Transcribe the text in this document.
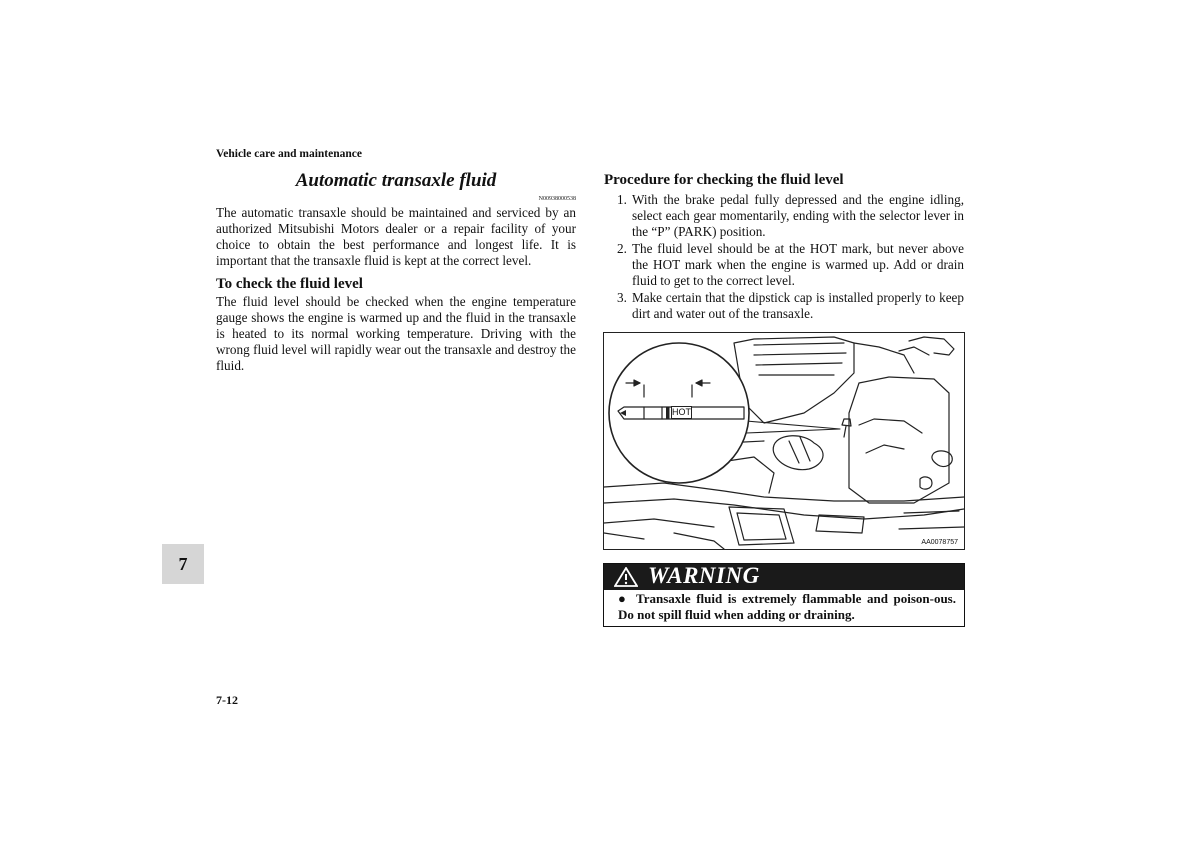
Vehicle care and maintenance
Automatic transaxle fluid
N00938000538
The automatic transaxle should be maintained and serviced by an authorized Mitsubishi Motors dealer or a repair facility of your choice to obtain the best performance and longest life. It is important that the transaxle fluid is kept at the correct level.
To check the fluid level
The fluid level should be checked when the engine temperature gauge shows the engine is warmed up and the fluid in the transaxle is heated to its normal working temperature. Driving with the wrong fluid level will rapidly wear out the transaxle and destroy the fluid.
Procedure for checking the fluid level
1. With the brake pedal fully depressed and the engine idling, select each gear momentarily, ending with the selector lever in the “P” (PARK) position.
2. The fluid level should be at the HOT mark, but never above the HOT mark when the engine is warmed up. Add or drain fluid to get to the correct level.
3. Make certain that the dipstick cap is installed properly to keep dirt and water out of the transaxle.
HOT
AA0078757
WARNING
● Transaxle fluid is extremely flammable and poison-ous. Do not spill fluid when adding or draining.
7
7-12
